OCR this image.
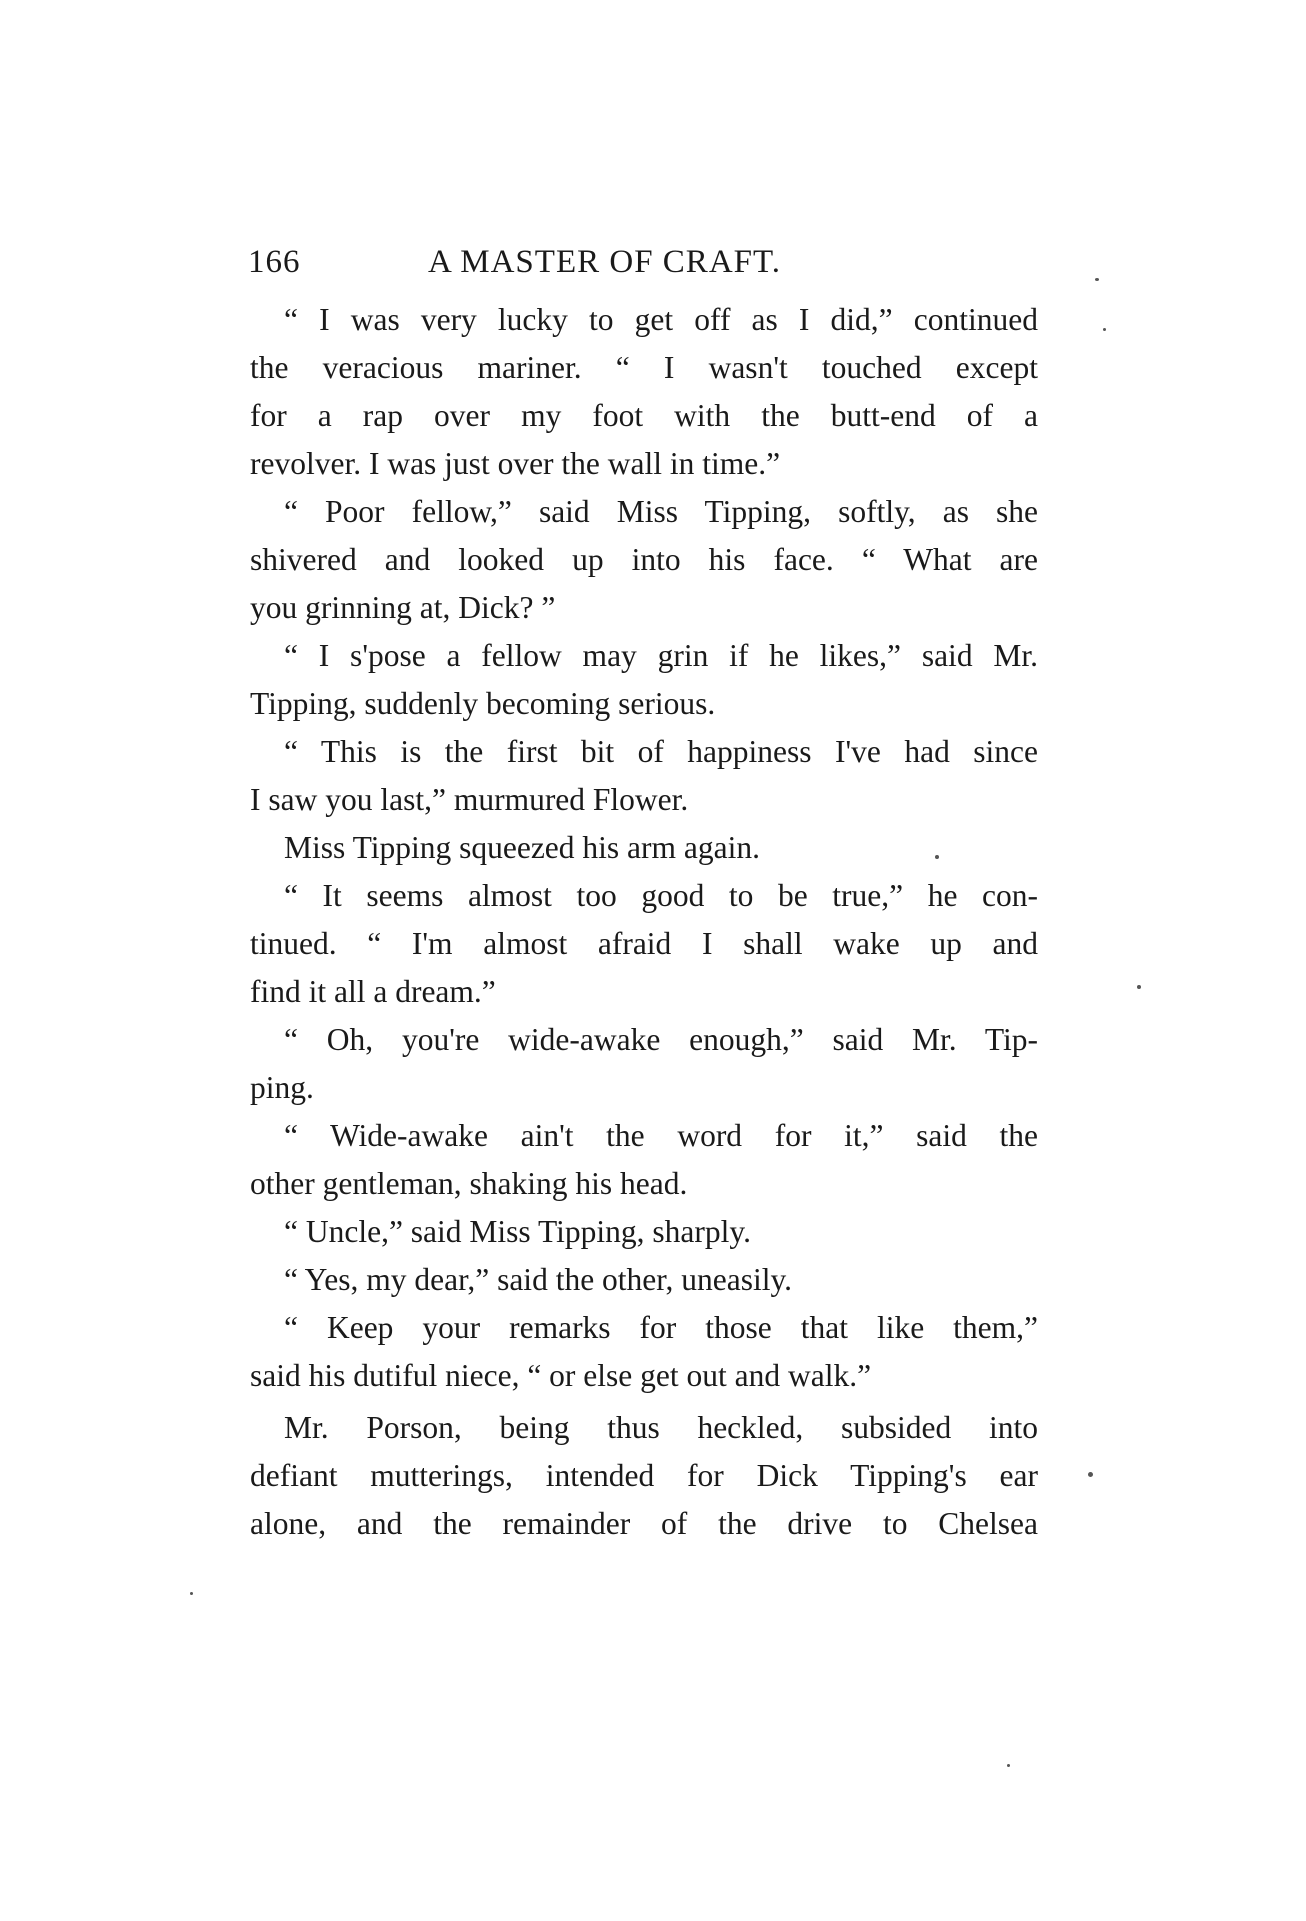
166	A MASTER OF CRAFT.
“ I was very lucky to get off as I did,” continued
the veracious mariner. “ I wasn't touched except
for a rap over my foot with the butt-end of a
revolver. I was just over the wall in time.”
“ Poor fellow,” said Miss Tipping, softly, as she
shivered and looked up into his face. “ What are
you grinning at, Dick? ”
“ I s'pose a fellow may grin if he likes,” said Mr.
Tipping, suddenly becoming serious.
“ This is the first bit of happiness I've had since
I saw you last,” murmured Flower.
Miss Tipping squeezed his arm again.
“ It seems almost too good to be true,” he con-
tinued. “ I'm almost afraid I shall wake up and
find it all a dream.”
“ Oh, you're wide-awake enough,” said Mr. Tip-
ping.
“ Wide-awake ain't the word for it,” said the
other gentleman, shaking his head.
“ Uncle,” said Miss Tipping, sharply.
“ Yes, my dear,” said the other, uneasily.
“ Keep your remarks for those that like them,”
said his dutiful niece, “ or else get out and walk.”
Mr. Porson, being thus heckled, subsided into
defiant mutterings, intended for Dick Tipping's ear
alone, and the remainder of the drive to Chelsea
